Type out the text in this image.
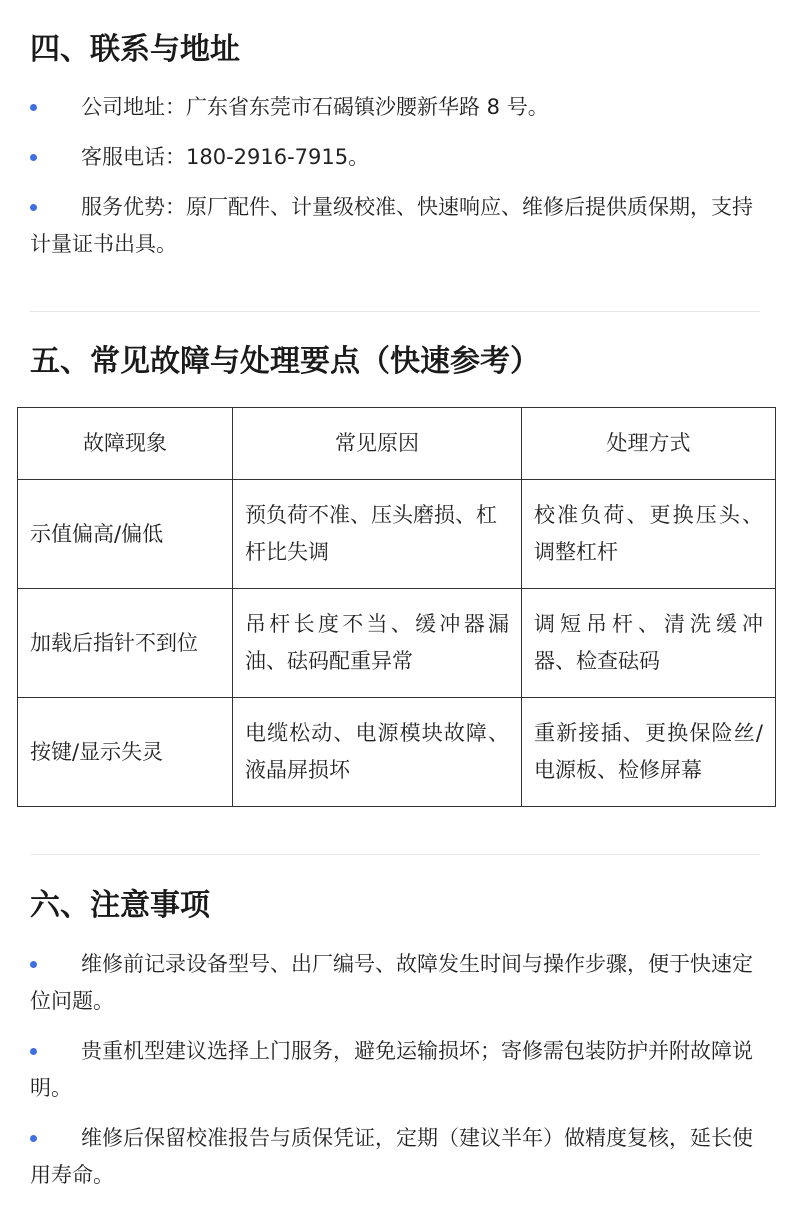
四、联系与地址

公司地址：广东省东莞市石碣镇沙腰新华路 8 号。

客服电话：180-2916-7915。

服务优势：原厂配件、计量级校准、快速响应、维修后提供质保期，支持计量证书出具。

五、常见故障与处理要点（快速参考）
故障现象	常见原因	处理方式
示值偏高/偏低	预负荷不准、压头磨损、杠杆比失调	校准负荷、更换压头、调整杠杆
加载后指针不到位	吊杆长度不当、缓冲器漏油、砝码配重异常	调短吊杆、清洗缓冲器、检查砝码
按键/显示失灵	电缆松动、电源模块故障、液晶屏损坏	重新接插、更换保险丝/电源板、检修屏幕
六、注意事项

维修前记录设备型号、出厂编号、故障发生时间与操作步骤，便于快速定位问题。

贵重机型建议选择上门服务，避免运输损坏；寄修需包装防护并附故障说明。

维修后保留校准报告与质保凭证，定期（建议半年）做精度复核，延长使用寿命。
